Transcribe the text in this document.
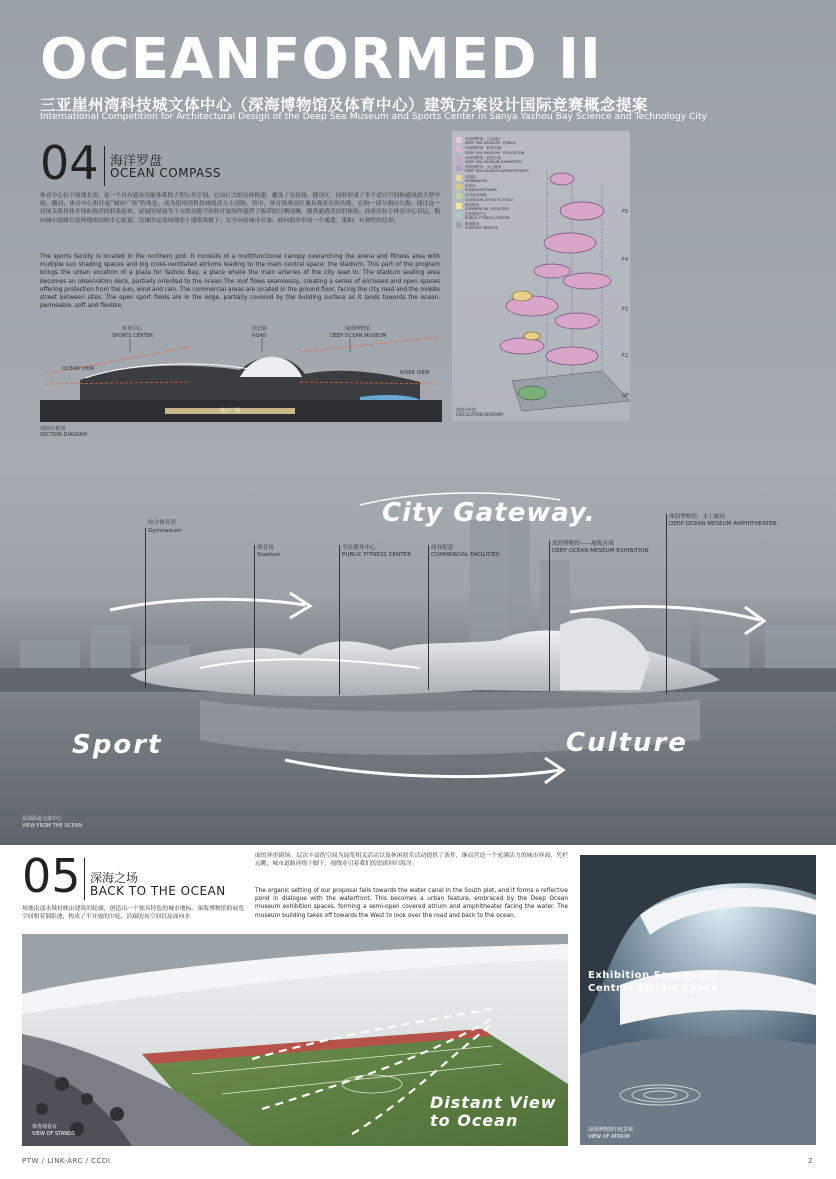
OCEANFORMED II
三亚崖州湾科技城文体中心（深海博物馆及体育中心）建筑方案设计国际竞赛概念提案
International Competition for Architectural Design of the Deep Sea Museum and Sports Center in Sanya Yazhou Bay Science and Technology City
04 海洋罗盘
OCEAN COMPASS
体育中心位于场地北部，是一个具有遮杂功能体系的大型公共空间。它由巨大的完体构建，覆盖了竞技场、健身区，同时形成了多个适宜空间和通风的大型中庭。随而，体育中心担任起“城市广场”的角色，成为崖州湾科技城的活力主动脉。其中，体育场观众区兼具观景台的功能，它的一部分面向大海。通过这一封闭关系将体育场和海洋的联系起来。屋展的屋面为下方的功能空间和开放场所遮挡了热带的日晒雨淋，提供通透清凉的体验。商业区位于体育中心首层，朝向城市道路以及两地块间的中心街道。边缘的运动场地处于建筑筑檐下，完全向着城市开放，面向海洋形成一个通透、柔和、有弹性的边界。
The sports facility is located in the northern plot. It consists of a multifunctional canopy overarching the arena and fitness area with multiple sun shading spaces and big cross-ventilated atriums leading to the main central space: the stadium. This part of the program brings the urban vocation of a plaza for Yazhou Bay, a place where the main arteries of the city lead to. The stadium seating area becomes an observation deck, partially oriented to the ocean.The roof flows seamlessly, creating a series of enclosed and open spaces offering protection from the sun, wind and rain. The commercial areas are located in the ground floor, facing the city road and the middle street between sites. The open sport fields are in the edge, partially covered by the building surface as it lands towards the ocean. permeable, soft and flexible.
体育中心
SPORTS CENTER
滨北路
ROAD
深海博物馆
DEEP OCEAN MUSEUM
OCEAN VIEW
RIVER VIEW
地下广场
剖面分析图
SECTION DIAGRAM
体育博物馆：公众展区
DEEP SEA MUSEUM · PUBLIC
体育博物馆：教育区域
DEEP SEA MUSEUM · EDUCATION
体育博物馆：展览区域
DEEP SEA MUSEUM EXHIBITION
体育博物馆：水上剧场
DEEP SEA MUSEUM AMPHITHEATER
体育馆
GYMNASIUM
体育场
STADIUM/STANDS
室外运动场地
OUTDOOR ATHLETIC FIELD
商业配套
COMMERCIAL FACILITIES
全民健身中心
PUBLIC FITNESS CENTER
配套服务
SUPPORT SERVICE
F5
F4
F3
F2
GF
流线分析图
CIRCULATION DIAGRAM
综合体育馆
Gymnasium
体育场
Stadium
全民健身中心
PUBLIC FITNESS CENTER
商业配套
COMMERCIAL FACILITIES
深海博物馆——展陈区域
DEEP OCEAN MESEUM EXHIBITION
深海博物馆：水上剧场
DEEP OCEAN MESEUM AMPHITHEATER
City Gateway.
Sport	Culture
从海面看文体中心
VIEW FROM THE OCEAN
05 深海之场
BACK TO THE OCEAN
场地南部水域衬映出建筑的轮廓，创造出一个独具特色的城市地标。深海博物馆的展览空间相着倒影池，构成了半开放的中庭、沿廊的灰空间以及面向水
面的环形剧场。层次丰富的空间为展览相关活动以及休闲娱乐活动提供了条件，继而营造一个充满活力的城市界面，凭栏远眺，城市道路环绕于脚下，视线牵引着我们的思绪回归海洋。
The organic setting of our proposal falls towards the water canal in the South plot, and it forms a reflective pond in dialogue with the waterfront. This becomes a urban feature, embraced by the Deep Ocean museum exhibition spaces, forming a semi-open covered atrium and amphitheater facing the water. The museum building takes off towards the West to look over the road and back to the ocean.
Distant View to Ocean
体育场看台
VIEW OF STANDS
Exhibition Spaces off Central Atrium Space
深海博物馆中庭景观
VIEW OF ATRIUM
PTW / LINK-ARC / CCDI	2
